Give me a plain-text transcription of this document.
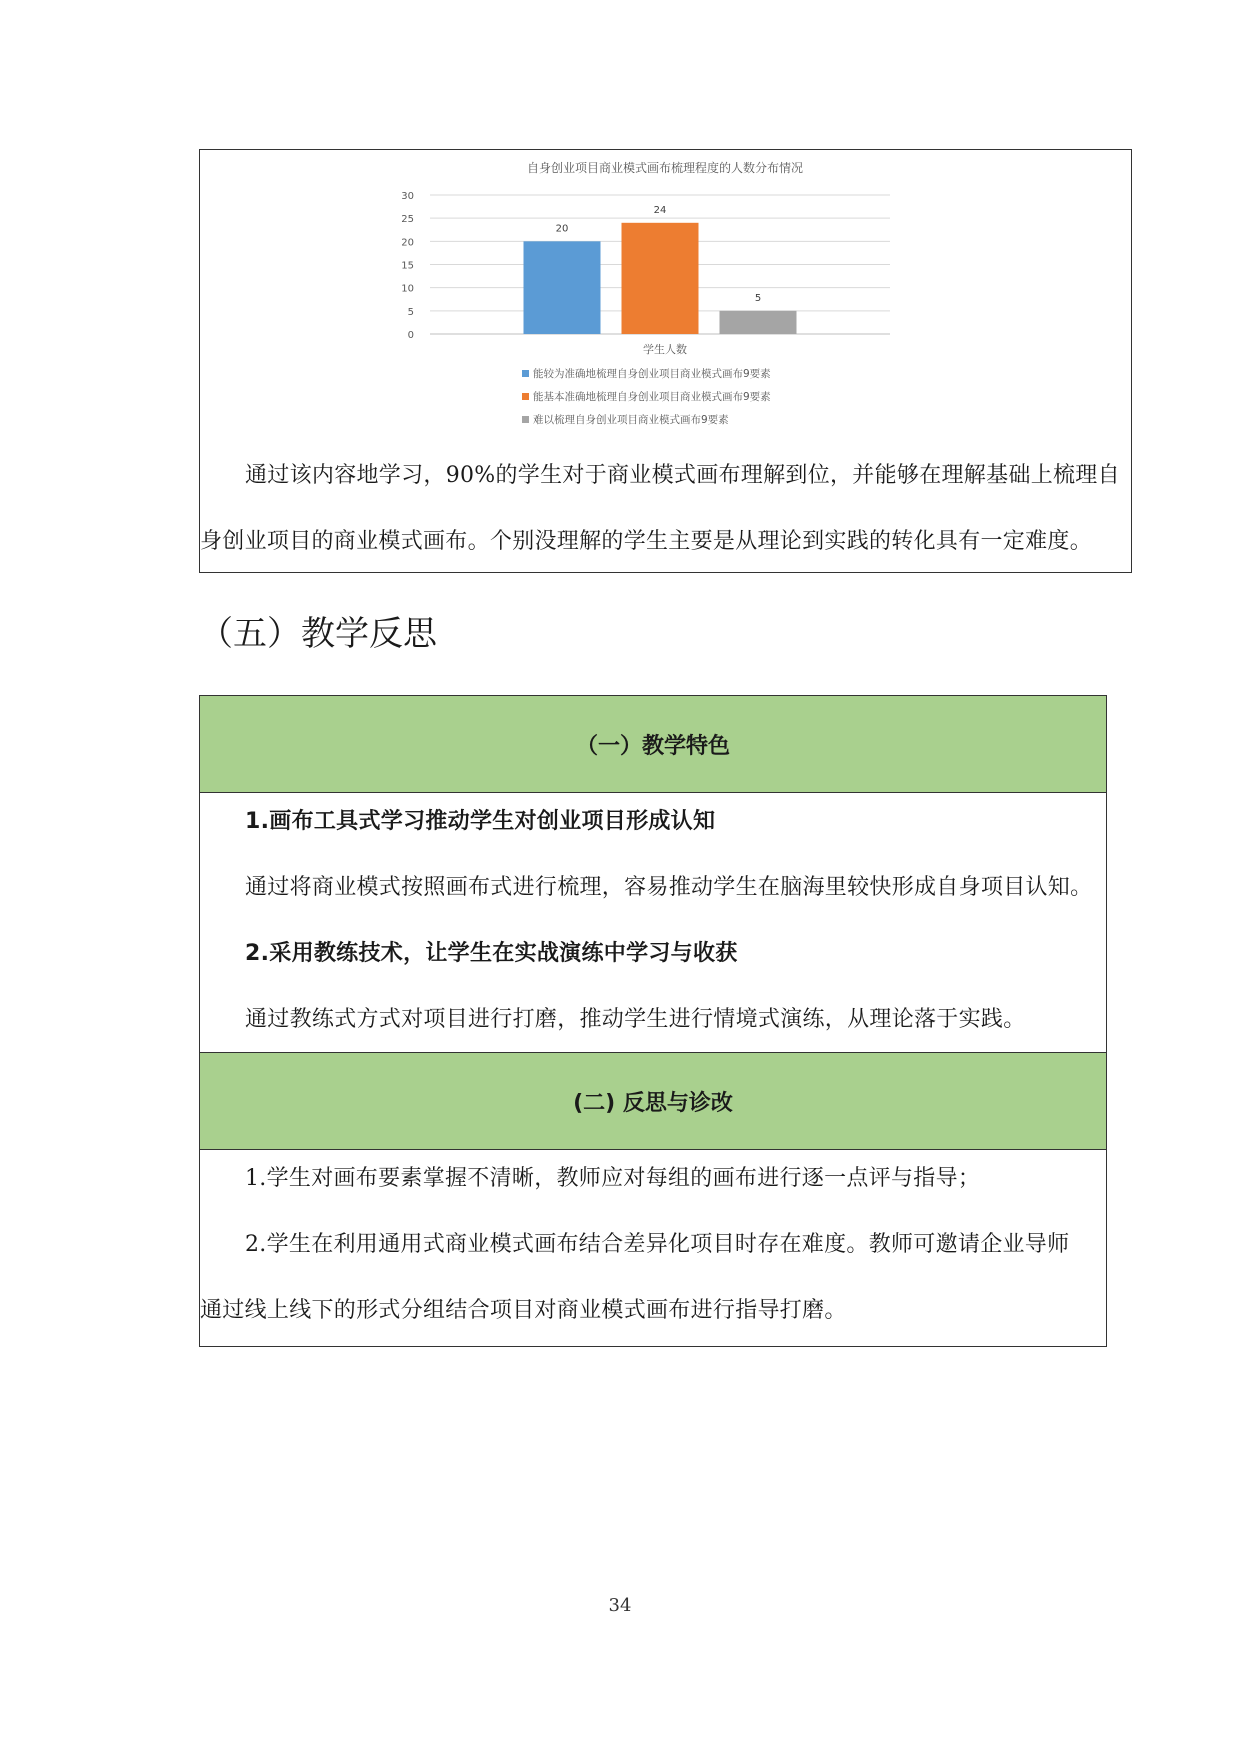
自身创业项目商业模式画布梳理程度的人数分布情况
0
5
10
15
20
25
30
20
24
5
学生人数
能较为准确地梳理自身创业项目商业模式画布9要素
能基本准确地梳理自身创业项目商业模式画布9要素
难以梳理自身创业项目商业模式画布9要素
通过该内容地学习，90%的学生对于商业模式画布理解到位，并能够在理解基础上梳理自
身创业项目的商业模式画布。个别没理解的学生主要是从理论到实践的转化具有一定难度。
（五）教学反思
（一）教学特色
1.画布工具式学习推动学生对创业项目形成认知
通过将商业模式按照画布式进行梳理，容易推动学生在脑海里较快形成自身项目认知。
2.采用教练技术，让学生在实战演练中学习与收获
通过教练式方式对项目进行打磨，推动学生进行情境式演练，从理论落于实践。
(二) 反思与诊改
1.学生对画布要素掌握不清晰，教师应对每组的画布进行逐一点评与指导；
2.学生在利用通用式商业模式画布结合差异化项目时存在难度。教师可邀请企业导师
通过线上线下的形式分组结合项目对商业模式画布进行指导打磨。
34
